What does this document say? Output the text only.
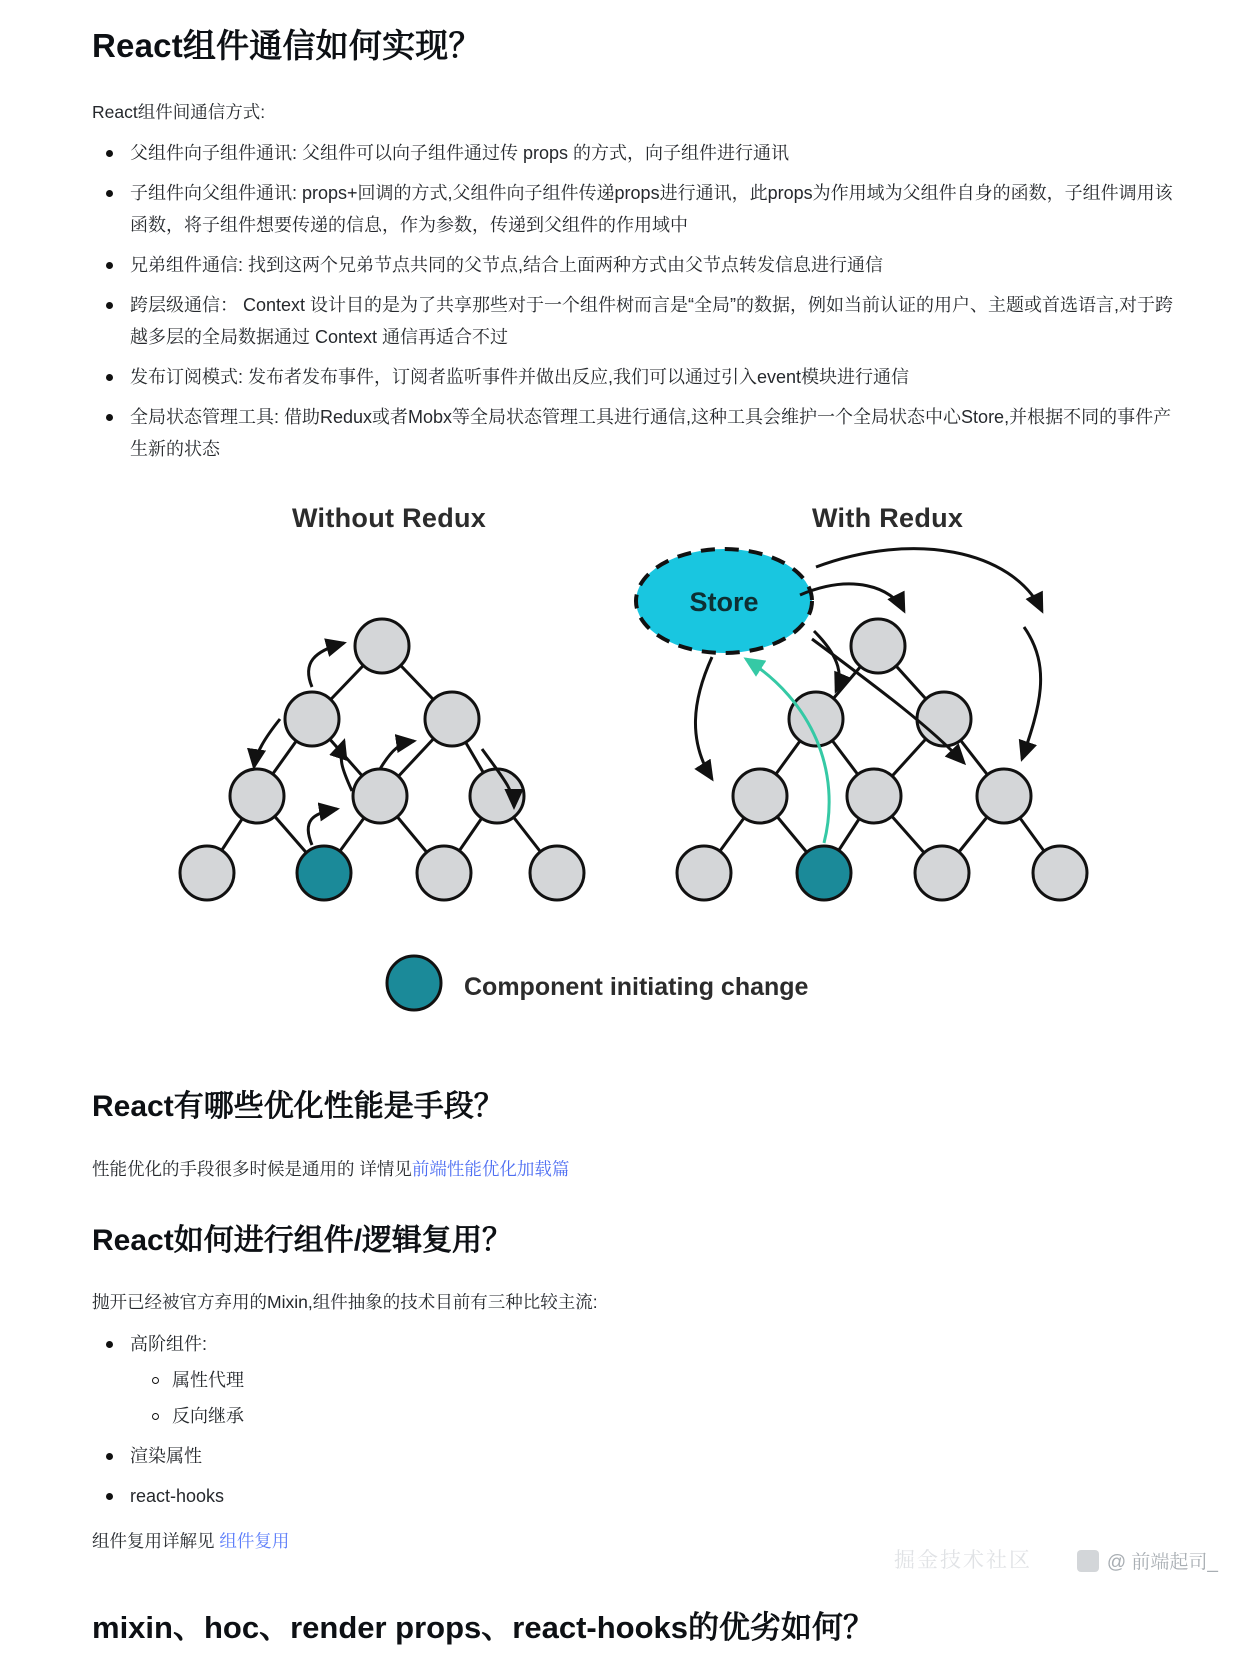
React组件通信如何实现？

React组件间通信方式:

父组件向子组件通讯: 父组件可以向子组件通过传 props 的方式，向子组件进行通讯
子组件向父组件通讯: props+回调的方式,父组件向子组件传递props进行通讯，此props为作用域为父组件自身的函数，子组件调用该函数，将子组件想要传递的信息，作为参数，传递到父组件的作用域中
兄弟组件通信: 找到这两个兄弟节点共同的父节点,结合上面两种方式由父节点转发信息进行通信
跨层级通信： Context 设计目的是为了共享那些对于一个组件树而言是“全局”的数据，例如当前认证的用户、主题或首选语言,对于跨越多层的全局数据通过 Context 通信再适合不过
发布订阅模式: 发布者发布事件，订阅者监听事件并做出反应,我们可以通过引入event模块进行通信
全局状态管理工具: 借助Redux或者Mobx等全局状态管理工具进行通信,这种工具会维护一个全局状态中心Store,并根据不同的事件产生新的状态
Without Redux	With Redux
Store
Component initiating change
React有哪些优化性能是手段？

性能优化的手段很多时候是通用的 详情见前端性能优化加载篇

React如何进行组件/逻辑复用？

抛开已经被官方弃用的Mixin,组件抽象的技术目前有三种比较主流:

高阶组件:
属性代理
反向继承
渲染属性
react-hooks

组件复用详解见 组件复用

mixin、hoc、render props、react-hooks的优劣如何？
掘金技术社区	@ 前端起司_
